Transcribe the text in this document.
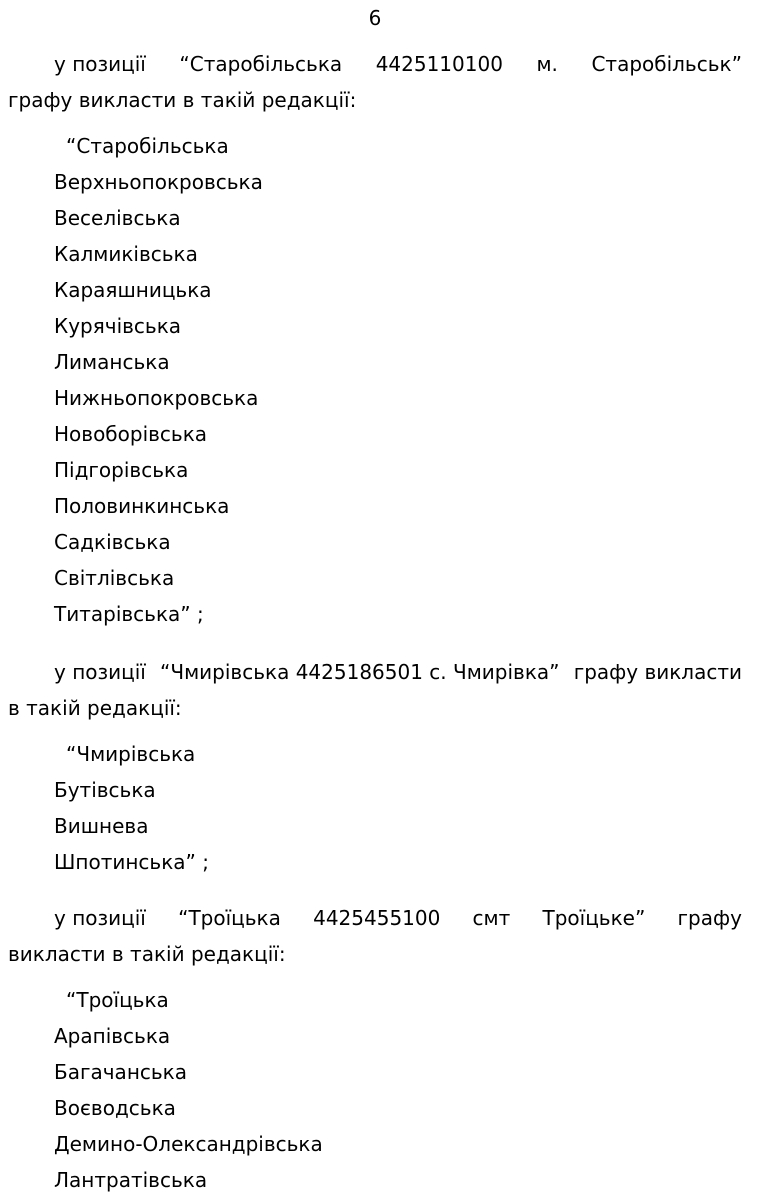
6
у позиції “Старобільська 4425110100 м. Старобільськ”
графу викласти в такій редакції:
“Старобільська
Верхньопокровська
Веселівська
Калмиківська
Караяшницька
Курячівська
Лиманська
Нижньопокровська
Новоборівська
Підгорівська
Половинкинська
Садківська
Світлівська
Титарівська” ;
у позиції “Чмирівська 4425186501 с. Чмирівка” графу викласти
в такій редакції:
“Чмирівська
Бутівська
Вишнева
Шпотинська” ;
у позиції “Троїцька 4425455100 смт Троїцьке” графу
викласти в такій редакції:
“Троїцька
Арапівська
Багачанська
Воєводська
Демино-Олександрівська
Лантратівська
